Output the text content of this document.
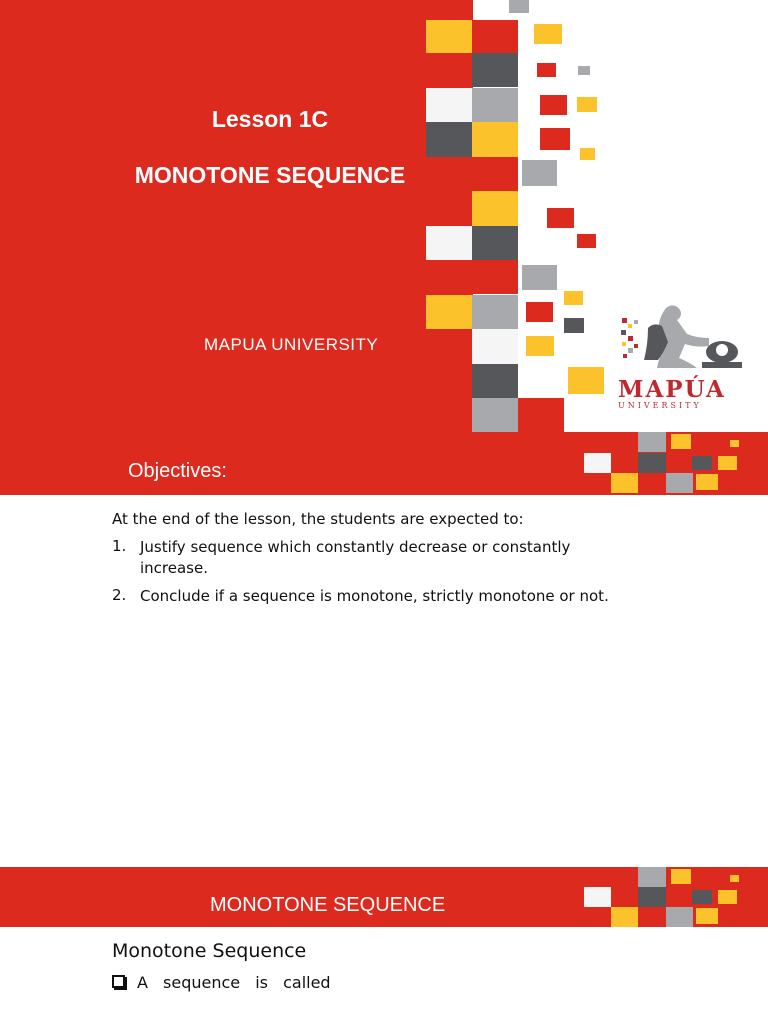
MAPÚA
UNIVERSITY
Lesson 1C
MONOTONE SEQUENCE
MAPUA UNIVERSITY
Objectives:
At the end of the lesson, the students are expected to:
1. Justify sequence which constantly decrease or constantly increase.
2. Conclude if a sequence is monotone, strictly monotone or not.
MONOTONE SEQUENCE
Monotone Sequence
A sequence is called
